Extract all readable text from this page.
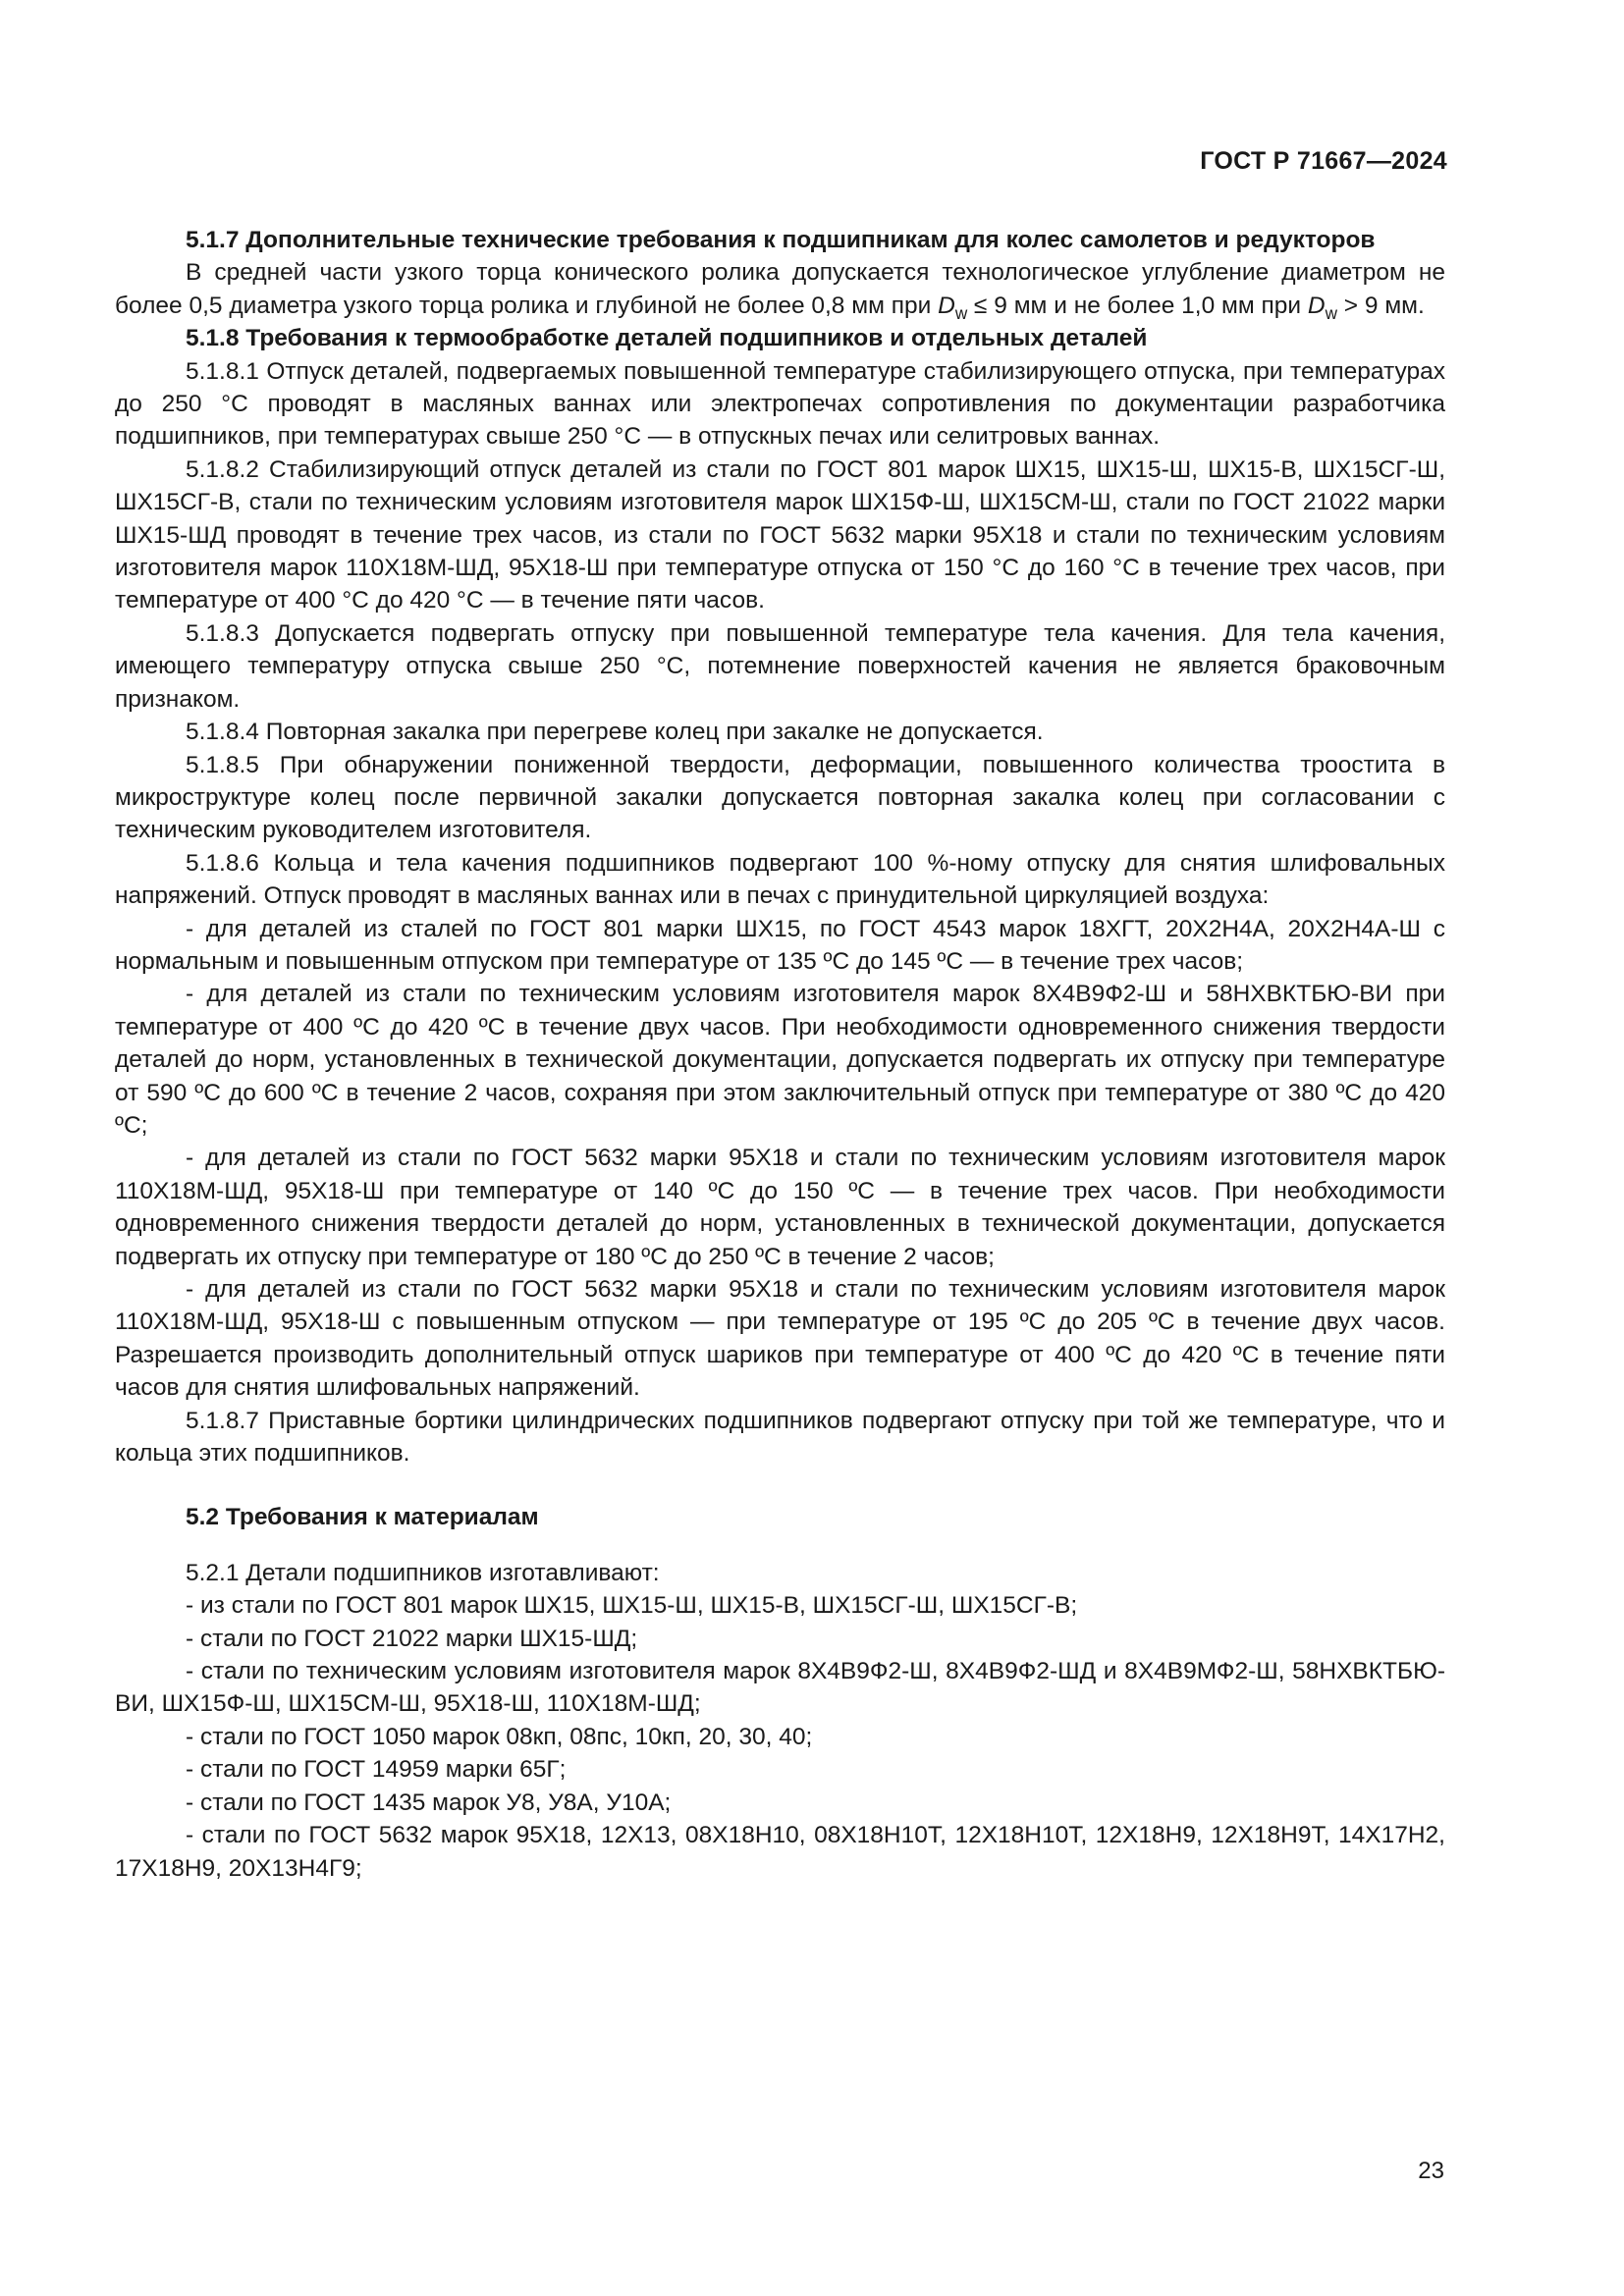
ГОСТ Р 71667—2024

5.1.7 Дополнительные технические требования к подшипникам для колес самолетов и редукторов

В средней части узкого торца конического ролика допускается технологическое углубление диаметром не более 0,5 диаметра узкого торца ролика и глубиной не более 0,8 мм при $D_w \le 9$ мм и не более 1,0 мм при $D_w > 9$ мм.

5.1.8 Требования к термообработке деталей подшипников и отдельных деталей

5.1.8.1 Отпуск деталей, подвергаемых повышенной температуре стабилизирующего отпуска, при температурах до 250 °С проводят в масляных ваннах или электропечах сопротивления по документации разработчика подшипников, при температурах свыше 250 °С — в отпускных печах или селитровых ваннах.

5.1.8.2 Стабилизирующий отпуск деталей из стали по ГОСТ 801 марок ШХ15, ШХ15-Ш, ШХ15-В, ШХ15СГ-Ш, ШХ15СГ-В, стали по техническим условиям изготовителя марок ШХ15Ф-Ш, ШХ15СМ-Ш, стали по ГОСТ 21022 марки ШХ15-ШД проводят в течение трех часов, из стали по ГОСТ 5632 марки 95Х18 и стали по техническим условиям изготовителя марок 110Х18М-ШД, 95Х18-Ш при температуре отпуска от 150 °С до 160 °С в течение трех часов, при температуре от 400 °С до 420 °С — в течение пяти часов.

5.1.8.3 Допускается подвергать отпуску при повышенной температуре тела качения. Для тела качения, имеющего температуру отпуска свыше 250 °С, потемнение поверхностей качения не является браковочным признаком.

5.1.8.4 Повторная закалка при перегреве колец при закалке не допускается.

5.1.8.5 При обнаружении пониженной твердости, деформации, повышенного количества троостита в микроструктуре колец после первичной закалки допускается повторная закалка колец при согласовании с техническим руководителем изготовителя.

5.1.8.6 Кольца и тела качения подшипников подвергают 100 %-ному отпуску для снятия шлифовальных напряжений. Отпуск проводят в масляных ваннах или в печах с принудительной циркуляцией воздуха:

- для деталей из сталей по ГОСТ 801 марки ШХ15, по ГОСТ 4543 марок 18ХГТ, 20Х2Н4А, 20Х2Н4А-Ш с нормальным и повышенным отпуском при температуре от 135 ºС до 145 ºС — в течение трех часов;

- для деталей из стали по техническим условиям изготовителя марок 8Х4В9Ф2-Ш и 58НХВКТБЮ-ВИ при температуре от 400 ºС до 420 ºС в течение двух часов. При необходимости одновременного снижения твердости деталей до норм, установленных в технической документации, допускается подвергать их отпуску при температуре от 590 ºС до 600 ºС в течение 2 часов, сохраняя при этом заключительный отпуск при температуре от 380 ºС до 420 ºС;

- для деталей из стали по ГОСТ 5632 марки 95Х18 и стали по техническим условиям изготовителя марок 110Х18М-ШД, 95Х18-Ш при температуре от 140 ºС до 150 ºС — в течение трех часов. При необходимости одновременного снижения твердости деталей до норм, установленных в технической документации, допускается подвергать их отпуску при температуре от 180 ºС до 250 ºС в течение 2 часов;

- для деталей из стали по ГОСТ 5632 марки 95Х18 и стали по техническим условиям изготовителя марок 110Х18М-ШД, 95Х18-Ш с повышенным отпуском — при температуре от 195 ºС до 205 ºС в течение двух часов. Разрешается производить дополнительный отпуск шариков при температуре от 400 ºС до 420 ºС в течение пяти часов для снятия шлифовальных напряжений.

5.1.8.7 Приставные бортики цилиндрических подшипников подвергают отпуску при той же температуре, что и кольца этих подшипников.

5.2 Требования к материалам

5.2.1 Детали подшипников изготавливают:

- из стали по ГОСТ 801 марок ШХ15, ШХ15-Ш, ШХ15-В, ШХ15СГ-Ш, ШХ15СГ-В;

- стали по ГОСТ 21022 марки ШХ15-ШД;

- стали по техническим условиям изготовителя марок 8Х4В9Ф2-Ш, 8Х4В9Ф2-ШД и 8Х4В9МФ2-Ш, 58НХВКТБЮ-ВИ, ШХ15Ф-Ш, ШХ15СМ-Ш, 95Х18-Ш, 110Х18М-ШД;

- стали по ГОСТ 1050 марок 08кп, 08пс, 10кп, 20, 30, 40;

- стали по ГОСТ 14959 марки 65Г;

- стали по ГОСТ 1435 марок У8, У8А, У10А;

- стали по ГОСТ 5632 марок 95Х18, 12Х13, 08Х18Н10, 08Х18Н10Т, 12Х18Н10Т, 12Х18Н9, 12Х18Н9Т, 14Х17Н2, 17Х18Н9, 20Х13Н4Г9;

23
